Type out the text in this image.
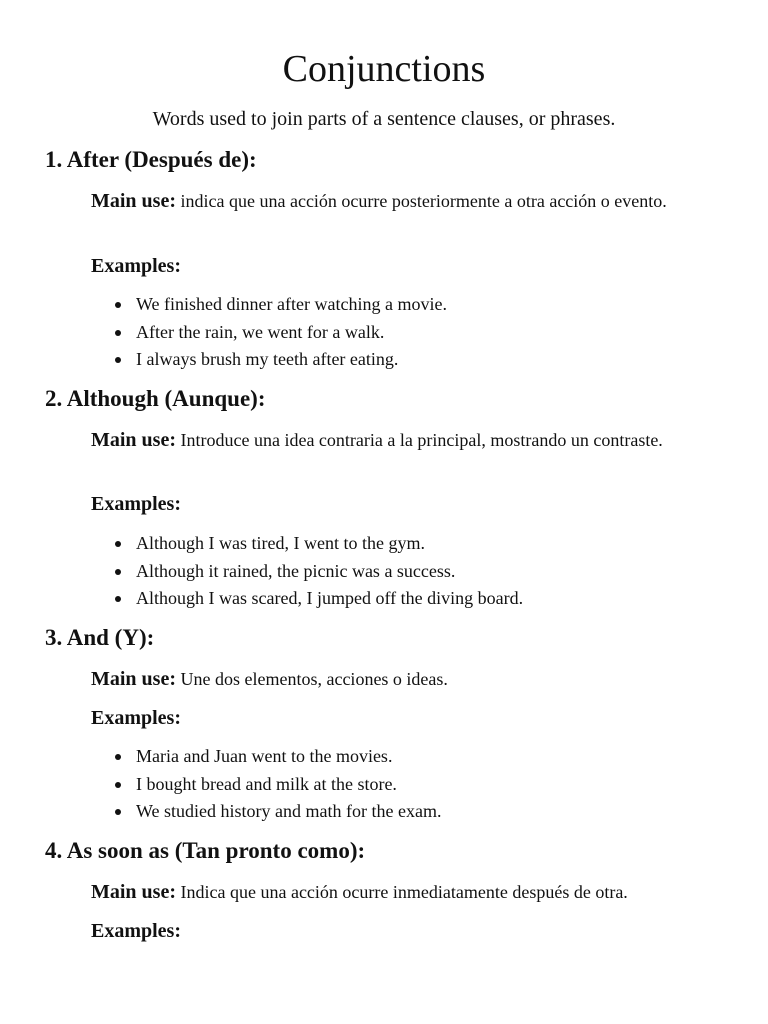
Conjunctions

Words used to join parts of a sentence clauses, or phrases.

1. After (Después de):

Main use: indica que una acción ocurre posteriormente a otra acción o evento.

Examples:

We finished dinner after watching a movie.
After the rain, we went for a walk.
I always brush my teeth after eating.
2. Although (Aunque):

Main use: Introduce una idea contraria a la principal, mostrando un contraste.

Examples:

Although I was tired, I went to the gym.
Although it rained, the picnic was a success.
Although I was scared, I jumped off the diving board.
3. And (Y):

Main use: Une dos elementos, acciones o ideas.

Examples:

Maria and Juan went to the movies.
I bought bread and milk at the store.
We studied history and math for the exam.
4. As soon as (Tan pronto como):

Main use: Indica que una acción ocurre inmediatamente después de otra.

Examples:
